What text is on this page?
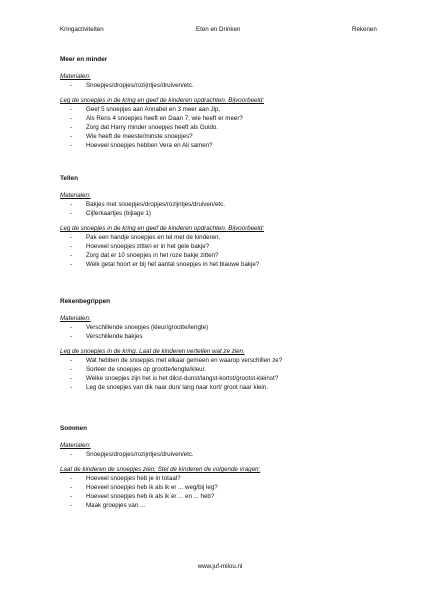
Kringactiviteiten	Eten en Drinken	Rekenen

Meer en minder

Materialen:

- Snoepjes/dropjes/rozijntjes/druiven/etc.

Leg de snoepjes in de kring en geef de kinderen opdrachten. Bijvoorbeeld:

- Geef 5 snoepjes aan Annabel en 3 meer aan Jip.
- Als Rens 4 snoepjes heeft en Daan 7, wie heeft er meer?
- Zorg dat Harry minder snoepjes heeft als Guido.
- Wie heeft de meeste/minste snoepjes?
- Hoeveel snoepjes hebben Vera en Ali samen?

Tellen

Materialen:

- Bakjes met snoepjes/dropjes/rozijntjes/druiven/etc.
- Cijferkaartjes (bijlage 1)

Leg de snoepjes in de kring en geef de kinderen opdrachten. Bijvoorbeeld:

- Pak een handje snoepjes en tel met de kinderen.
- Hoeveel snoepjes zitten er in het gele bakje?
- Zorg dat er 10 snoepjes in het roze bakje zitten?
- Welk getal hoort er bij het aantal snoepjes in het blauwe bakje?

Rekenbegrippen

Materialen:

- Verschillende snoepjes (kleur/grootte/lengte)
- Verschillende bakjes

Leg de snoepjes in de kring. Laat de kinderen vertellen wat ze zien.

- Wat hebben de snoepjes met elkaar gemeen en waarop verschillen ze?
- Sorteer de snoepjes op grootte/lengte/kleur.
- Welke snoepjes zijn het is het dikst-dunst/langst-kortst/grootst-kleinst?
- Leg de snoepjes van dik naar dun/ lang naar kort/ groot naar klein.

Sommen

Materialen:

- Snoepjes/dropjes/rozijntjes/druiven/etc.

Laat de kinderen de snoepjes zien. Stel de kinderen de volgende vragen:

- Hoeveel snoepjes heb je in totaal?
- Hoeveel snoepjes heb ik als ik er ... weg/bij leg?
- Hoeveel snoepjes heb ik als ik er ... en ... heb?
- Maak groepjes van ...
www.juf-milou.nl
